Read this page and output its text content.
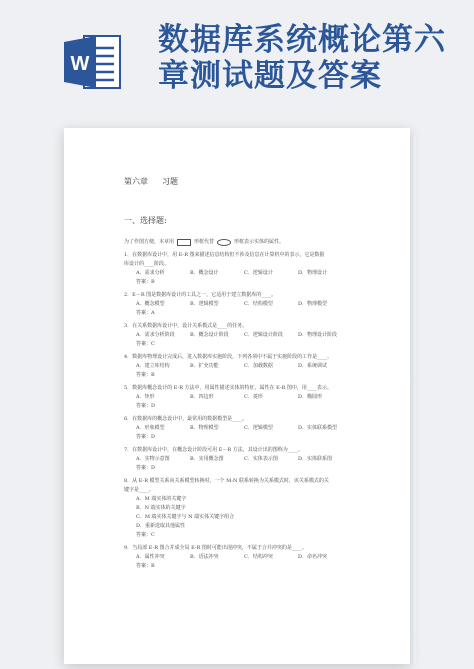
W
数据库系统概论第六章测试题及答案
第六章 习题
一、选择题:
为了作图方便，本章用	形框代替	形框表示实体的属性。
1．在数据库设计中，用 E-R 图来描述信息结构但不涉及信息在计算机中的表示，它是数据
库设计的____阶段。
A．需求分析	B．概念设计	C．逻辑设计	D．物理设计
答案：B
2．E－R 图是数据库设计的工具之一，它适用于建立数据库的____。
A．概念模型	B．逻辑模型	C．结构模型	D．物理模型
答案：A
3．在关系数据库设计中，设计关系模式是____的任务。
A．需求分析阶段	B．概念设计阶段	C．逻辑设计阶段	D．物理设计阶段
答案：C
4．数据库物理设计完成后，进入数据库实施阶段，下列各项中不属于实施阶段的工作是____。
A．建立库结构	B．扩充功能	C．加载数据	D．系统调试
答案：B
5．数据库概念设计的 E-R 方法中，用属性描述实体的特征，属性在 E-R 图中，用____表示。
A．矩形	B．四边形	C．菱形	D．椭圆形
答案：D
6．在数据库的概念设计中，最常用的数据模型是____。
A．形象模型	B．物理模型	C．逻辑模型	D．实体联系模型
答案：D
7．在数据库设计中，在概念设计阶段可用 E－R 方法，其设计出的图称为____。
A．实物示意图	B．实用概念图	C．实体表示图	D．实体联系图
答案：D
8．从 E-R 模型关系向关系模型转换时，一个 M:N 联系转换为关系模式时，该关系模式的关
键字是____。
A．M 端实体的关键字
B．N 端实体的关键字
C．M 端实体关键字与 N 端实体关键字组合
D．重新选取其他属性
答案：C
9．当局部 E-R 图合并成全局 E-R 图时可能出现冲突，不属于合并冲突的是____。
A．属性冲突	B．语法冲突	C．结构冲突	D．命名冲突
答案：B
